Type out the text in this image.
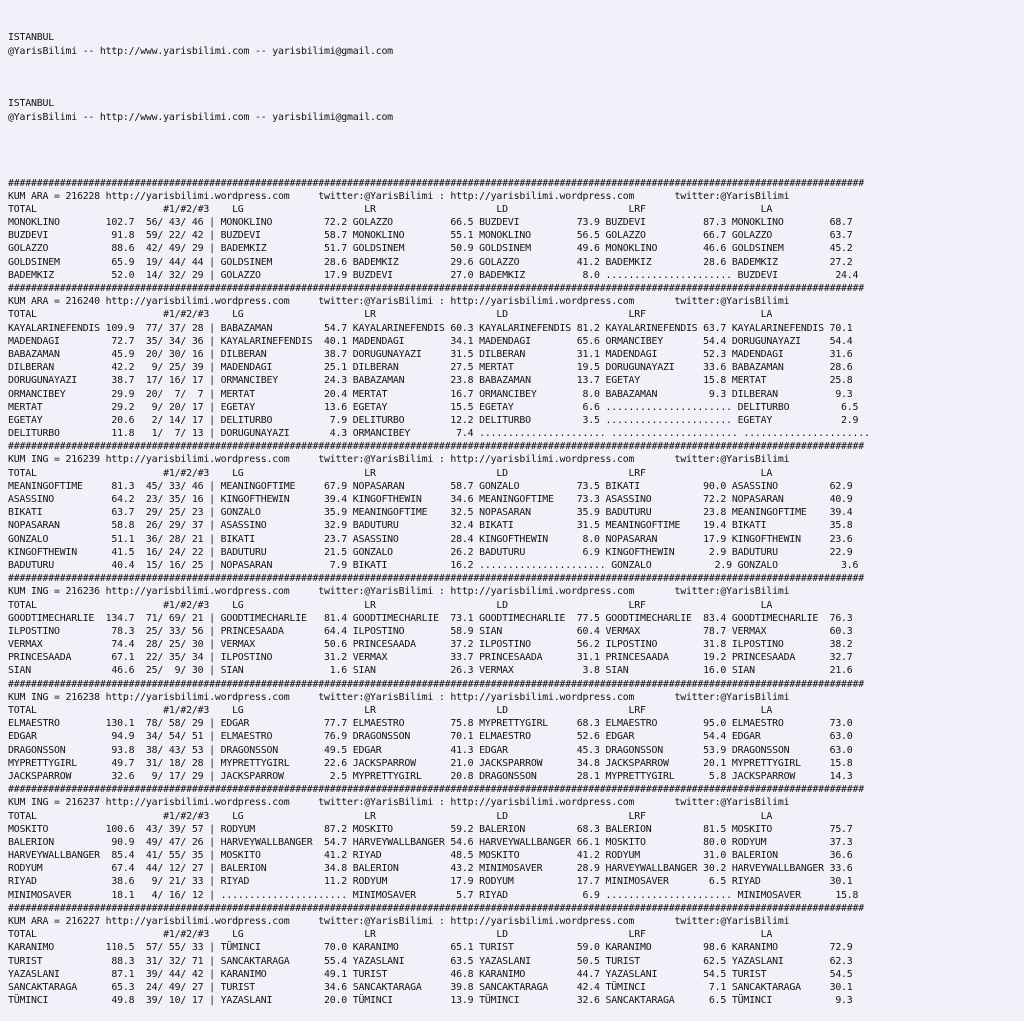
ISTANBUL
@YarisBilimi -- http://www.yarisbilimi.com -- yarisbilimi@gmail.com

ISTANBUL
@YarisBilimi -- http://www.yarisbilimi.com -- yarisbilimi@gmail.com

#####################################################################################################################################################
KUM ARA = 216228 http://yarisbilimi.wordpress.com     twitter:@YarisBilimi : http://yarisbilimi.wordpress.com       twitter:@YarisBilimi
TOTAL                      #1/#2/#3    LG                     LR                     LD                     LRF                    LA
MONOKLINO        102.7  56/ 43/ 46 | MONOKLINO         72.2 GOLAZZO          66.5 BUZDEVI          73.9 BUZDEVI          87.3 MONOKLINO        68.7
BUZDEVI           91.8  59/ 22/ 42 | BUZDEVI           58.7 MONOKLINO        55.1 MONOKLINO        56.5 GOLAZZO          66.7 GOLAZZO          63.7
GOLAZZO           88.6  42/ 49/ 29 | BADEMKIZ          51.7 GOLDSINEM        50.9 GOLDSINEM        49.6 MONOKLINO        46.6 GOLDSINEM        45.2
GOLDSINEM         65.9  19/ 44/ 44 | GOLDSINEM         28.6 BADEMKIZ         29.6 GOLAZZO          41.2 BADEMKIZ         28.6 BADEMKIZ         27.2
BADEMKIZ          52.0  14/ 32/ 29 | GOLAZZO           17.9 BUZDEVI          27.0 BADEMKIZ          8.0 ...................... BUZDEVI          24.4
#####################################################################################################################################################
KUM ARA = 216240 http://yarisbilimi.wordpress.com     twitter:@YarisBilimi : http://yarisbilimi.wordpress.com       twitter:@YarisBilimi
TOTAL                      #1/#2/#3    LG                     LR                     LD                     LRF                    LA
KAYALARINEFENDIS 109.9  77/ 37/ 28 | BABAZAMAN         54.7 KAYALARINEFENDIS 60.3 KAYALARINEFENDIS 81.2 KAYALARINEFENDIS 63.7 KAYALARINEFENDIS 70.1
MADENDAGI         72.7  35/ 34/ 36 | KAYALARINEFENDIS  40.1 MADENDAGI        34.1 MADENDAGI        65.6 ORMANCIBEY       54.4 DORUGUNAYAZI     54.4
BABAZAMAN         45.9  20/ 30/ 16 | DILBERAN          38.7 DORUGUNAYAZI     31.5 DILBERAN         31.1 MADENDAGI        52.3 MADENDAGI        31.6
DILBERAN          42.2   9/ 25/ 39 | MADENDAGI         25.1 DILBERAN         27.5 MERTAT           19.5 DORUGUNAYAZI     33.6 BABAZAMAN        28.6
DORUGUNAYAZI      38.7  17/ 16/ 17 | ORMANCIBEY        24.3 BABAZAMAN        23.8 BABAZAMAN        13.7 EGETAY           15.8 MERTAT           25.8
ORMANCIBEY        29.9  20/  7/  7 | MERTAT            20.4 MERTAT           16.7 ORMANCIBEY        8.0 BABAZAMAN         9.3 DILBERAN          9.3
MERTAT            29.2   9/ 20/ 17 | EGETAY            13.6 EGETAY           15.5 EGETAY            6.6 ...................... DELITURBO         6.5
EGETAY            20.6   2/ 14/ 17 | DELITURBO          7.9 DELITURBO        12.2 DELITURBO         3.5 ...................... EGETAY            2.9
DELITURBO         11.8   1/  7/ 13 | DORUGUNAYAZI       4.3 ORMANCIBEY        7.4 ...................... ...................... ......................
#####################################################################################################################################################
KUM ING = 216239 http://yarisbilimi.wordpress.com     twitter:@YarisBilimi : http://yarisbilimi.wordpress.com       twitter:@YarisBilimi
TOTAL                      #1/#2/#3    LG                     LR                     LD                     LRF                    LA
MEANINGOFTIME     81.3  45/ 33/ 46 | MEANINGOFTIME     67.9 NOPASARAN        58.7 GONZALO          73.5 BIKATI           90.0 ASASSINO         62.9
ASASSINO          64.2  23/ 35/ 16 | KINGOFTHEWIN      39.4 KINGOFTHEWIN     34.6 MEANINGOFTIME    73.3 ASASSINO         72.2 NOPASARAN        40.9
BIKATI            63.7  29/ 25/ 23 | GONZALO           35.9 MEANINGOFTIME    32.5 NOPASARAN        35.9 BADUTURU         23.8 MEANINGOFTIME    39.4
NOPASARAN         58.8  26/ 29/ 37 | ASASSINO          32.9 BADUTURU         32.4 BIKATI           31.5 MEANINGOFTIME    19.4 BIKATI           35.8
GONZALO           51.1  36/ 28/ 21 | BIKATI            23.7 ASASSINO         28.4 KINGOFTHEWIN      8.0 NOPASARAN        17.9 KINGOFTHEWIN     23.6
KINGOFTHEWIN      41.5  16/ 24/ 22 | BADUTURU          21.5 GONZALO          26.2 BADUTURU          6.9 KINGOFTHEWIN      2.9 BADUTURU         22.9
BADUTURU          40.4  15/ 16/ 25 | NOPASARAN          7.9 BIKATI           16.2 ...................... GONZALO           2.9 GONZALO           3.6
#####################################################################################################################################################
KUM ING = 216236 http://yarisbilimi.wordpress.com     twitter:@YarisBilimi : http://yarisbilimi.wordpress.com       twitter:@YarisBilimi
TOTAL                      #1/#2/#3    LG                     LR                     LD                     LRF                    LA
GOODTIMECHARLIE  134.7  71/ 69/ 21 | GOODTIMECHARLIE   81.4 GOODTIMECHARLIE  73.1 GOODTIMECHARLIE  77.5 GOODTIMECHARLIE  83.4 GOODTIMECHARLIE  76.3
ILPOSTINO         78.3  25/ 33/ 56 | PRINCESAADA       64.4 ILPOSTINO        58.9 SIAN             60.4 VERMAX           78.7 VERMAX           60.3
VERMAX            74.4  28/ 25/ 30 | VERMAX            50.6 PRINCESAADA      37.2 ILPOSTINO        56.2 ILPOSTINO        31.8 ILPOSTINO        38.2
PRINCESAADA       67.1  22/ 35/ 34 | ILPOSTINO         31.2 VERMAX           33.7 PRINCESAADA      31.1 PRINCESAADA      19.2 PRINCESAADA      32.7
SIAN              46.6  25/  9/ 30 | SIAN               1.6 SIAN             26.3 VERMAX            3.8 SIAN             16.0 SIAN             21.6
#####################################################################################################################################################
KUM ING = 216238 http://yarisbilimi.wordpress.com     twitter:@YarisBilimi : http://yarisbilimi.wordpress.com       twitter:@YarisBilimi
TOTAL                      #1/#2/#3    LG                     LR                     LD                     LRF                    LA
ELMAESTRO        130.1  78/ 58/ 29 | EDGAR             77.7 ELMAESTRO        75.8 MYPRETTYGIRL     68.3 ELMAESTRO        95.0 ELMAESTRO        73.0
EDGAR             94.9  34/ 54/ 51 | ELMAESTRO         76.9 DRAGONSSON       70.1 ELMAESTRO        52.6 EDGAR            54.4 EDGAR            63.0
DRAGONSSON        93.8  38/ 43/ 53 | DRAGONSSON        49.5 EDGAR            41.3 EDGAR            45.3 DRAGONSSON       53.9 DRAGONSSON       63.0
MYPRETTYGIRL      49.7  31/ 18/ 28 | MYPRETTYGIRL      22.6 JACKSPARROW      21.0 JACKSPARROW      34.8 JACKSPARROW      20.1 MYPRETTYGIRL     15.8
JACKSPARROW       32.6   9/ 17/ 29 | JACKSPARROW        2.5 MYPRETTYGIRL     20.8 DRAGONSSON       28.1 MYPRETTYGIRL      5.8 JACKSPARROW      14.3
#####################################################################################################################################################
KUM ING = 216237 http://yarisbilimi.wordpress.com     twitter:@YarisBilimi : http://yarisbilimi.wordpress.com       twitter:@YarisBilimi
TOTAL                      #1/#2/#3    LG                     LR                     LD                     LRF                    LA
MOSKITO          100.6  43/ 39/ 57 | RODYUM            87.2 MOSKITO          59.2 BALERION         68.3 BALERION         81.5 MOSKITO          75.7
BALERION          90.9  49/ 47/ 26 | HARVEYWALLBANGER  54.7 HARVEYWALLBANGER 54.6 HARVEYWALLBANGER 66.1 MOSKITO          80.0 RODYUM           37.3
HARVEYWALLBANGER  85.4  41/ 55/ 35 | MOSKITO           41.2 RIYAD            48.5 MOSKITO          41.2 RODYUM           31.0 BALERION         36.6
RODYUM            67.4  44/ 12/ 27 | BALERION          34.8 BALERION         43.2 MINIMOSAVER      28.9 HARVEYWALLBANGER 30.2 HARVEYWALLBANGER 33.6
RIYAD             38.6   9/ 21/ 33 | RIYAD             11.2 RODYUM           17.9 RODYUM           17.7 MINIMOSAVER       6.5 RIYAD            30.1
MINIMOSAVER       18.1   4/ 16/ 12 | ...................... MINIMOSAVER       5.7 RIYAD             6.9 ...................... MINIMOSAVER      15.8
#####################################################################################################################################################
KUM ARA = 216227 http://yarisbilimi.wordpress.com     twitter:@YarisBilimi : http://yarisbilimi.wordpress.com       twitter:@YarisBilimi
TOTAL                      #1/#2/#3    LG                     LR                     LD                     LRF                    LA
KARANIMO         110.5  57/ 55/ 33 | TÜMINCI           70.0 KARANIMO         65.1 TURIST           59.0 KARANIMO         98.6 KARANIMO         72.9
TURIST            88.3  31/ 32/ 71 | SANCAKTARAGA      55.4 YAZASLANI        63.5 YAZASLANI        50.5 TURIST           62.5 YAZASLANI        62.3
YAZASLANI         87.1  39/ 44/ 42 | KARANIMO          49.1 TURIST           46.8 KARANIMO         44.7 YAZASLANI        54.5 TURIST           54.5
SANCAKTARAGA      65.3  24/ 49/ 27 | TURIST            34.6 SANCAKTARAGA     39.8 SANCAKTARAGA     42.4 TÜMINCI           7.1 SANCAKTARAGA     30.1
TÜMINCI           49.8  39/ 10/ 17 | YAZASLANI         20.0 TÜMINCI          13.9 TÜMINCI          32.6 SANCAKTARAGA      6.5 TÜMINCI           9.3
